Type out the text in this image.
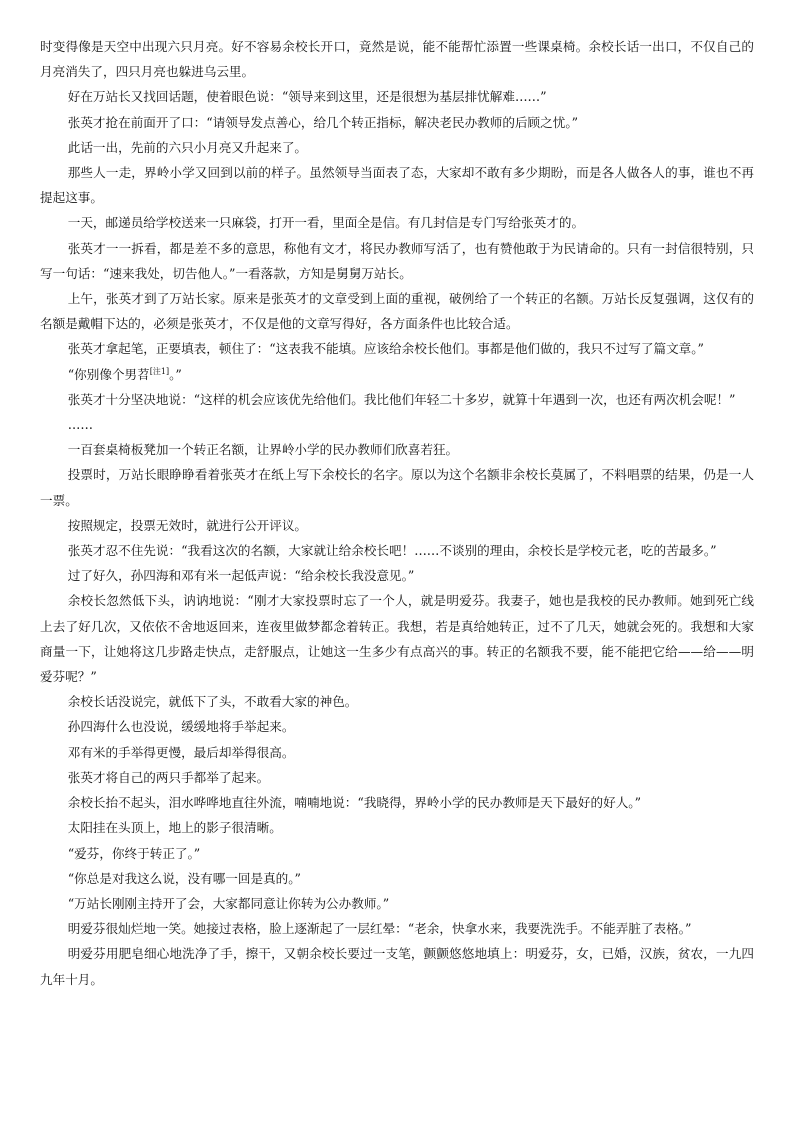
时变得像是天空中出现六只月亮。好不容易余校长开口，竟然是说，能不能帮忙添置一些课桌椅。余校长话一出口，不仅自己的月亮消失了，四只月亮也躲进乌云里。

好在万站长又找回话题，使着眼色说：“领导来到这里，还是很想为基层排忧解难……”

张英才抢在前面开了口：“请领导发点善心，给几个转正指标，解决老民办教师的后顾之忧。”

此话一出，先前的六只小月亮又升起来了。

那些人一走，界岭小学又回到以前的样子。虽然领导当面表了态，大家却不敢有多少期盼，而是各人做各人的事，谁也不再提起这事。

一天，邮递员给学校送来一只麻袋，打开一看，里面全是信。有几封信是专门写给张英才的。

张英才一一拆看，都是差不多的意思，称他有文才，将民办教师写活了，也有赞他敢于为民请命的。只有一封信很特别，只写一句话：“速来我处，切告他人。”一看落款，方知是舅舅万站长。

上午，张英才到了万站长家。原来是张英才的文章受到上面的重视，破例给了一个转正的名额。万站长反复强调，这仅有的名额是戴帽下达的，必须是张英才，不仅是他的文章写得好，各方面条件也比较合适。

张英才拿起笔，正要填表，顿住了：“这表我不能填。应该给余校长他们。事都是他们做的，我只不过写了篇文章。”

“你别像个男苕[注1]。”

张英才十分坚决地说：“这样的机会应该优先给他们。我比他们年轻二十多岁，就算十年遇到一次，也还有两次机会呢！”

……

一百套桌椅板凳加一个转正名额，让界岭小学的民办教师们欣喜若狂。

投票时，万站长眼睁睁看着张英才在纸上写下余校长的名字。原以为这个名额非余校长莫属了，不料唱票的结果，仍是一人一票。

按照规定，投票无效时，就进行公开评议。

张英才忍不住先说：“我看这次的名额，大家就让给余校长吧！……不谈别的理由，余校长是学校元老，吃的苦最多。”

过了好久，孙四海和邓有米一起低声说：“给余校长我没意见。”

余校长忽然低下头，讷讷地说：“刚才大家投票时忘了一个人，就是明爱芬。我妻子，她也是我校的民办教师。她到死亡线上去了好几次，又依依不舍地返回来，连夜里做梦都念着转正。我想，若是真给她转正，过不了几天，她就会死的。我想和大家商量一下，让她将这几步路走快点，走舒服点，让她这一生多少有点高兴的事。转正的名额我不要，能不能把它给——给——明爱芬呢？”

余校长话没说完，就低下了头，不敢看大家的神色。

孙四海什么也没说，缓缓地将手举起来。

邓有米的手举得更慢，最后却举得很高。

张英才将自己的两只手都举了起来。

余校长抬不起头，泪水哗哗地直往外流，喃喃地说：“我晓得，界岭小学的民办教师是天下最好的好人。”

太阳挂在头顶上，地上的影子很清晰。

“爱芬，你终于转正了。”

“你总是对我这么说，没有哪一回是真的。”

“万站长刚刚主持开了会，大家都同意让你转为公办教师。”

明爱芬很灿烂地一笑。她接过表格，脸上逐渐起了一层红晕：“老余，快拿水来，我要洗洗手。不能弄脏了表格。”

明爱芬用肥皂细心地洗净了手，擦干，又朝余校长要过一支笔，颤颤悠悠地填上：明爱芬，女，已婚，汉族，贫农，一九四九年十月。
